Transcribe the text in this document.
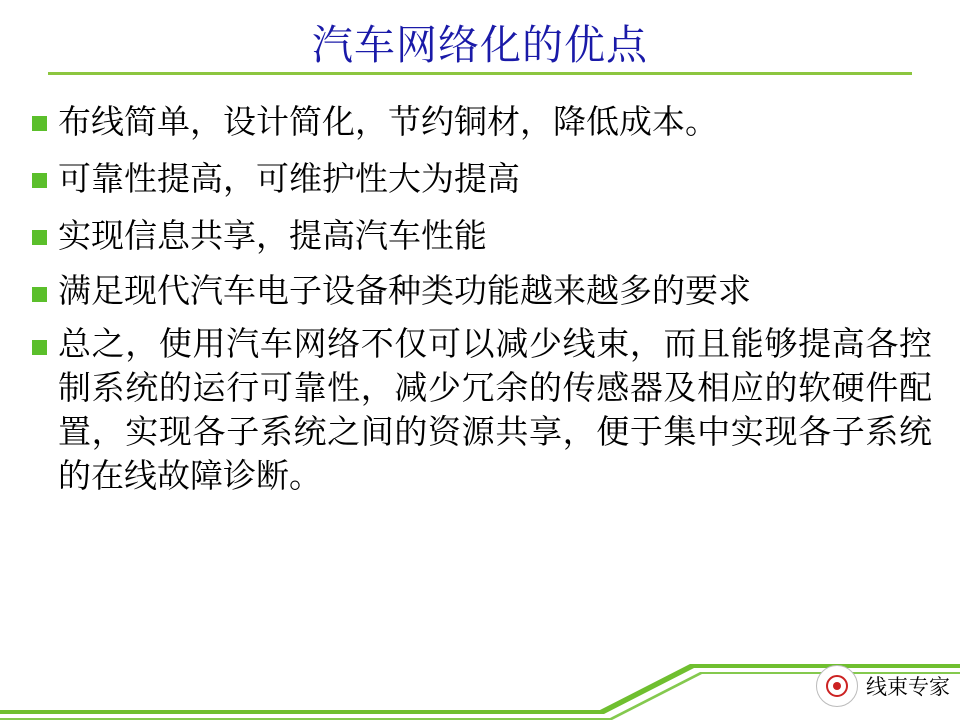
汽车网络化的优点
布线简单，设计简化，节约铜材，降低成本。
可靠性提高，可维护性大为提高
实现信息共享，提高汽车性能
满足现代汽车电子设备种类功能越来越多的要求
总之，使用汽车网络不仅可以减少线束，而且能够提高各控制系统的运行可靠性，减少冗余的传感器及相应的软硬件配置，实现各子系统之间的资源共享，便于集中实现各子系统的在线故障诊断。
线束专家
